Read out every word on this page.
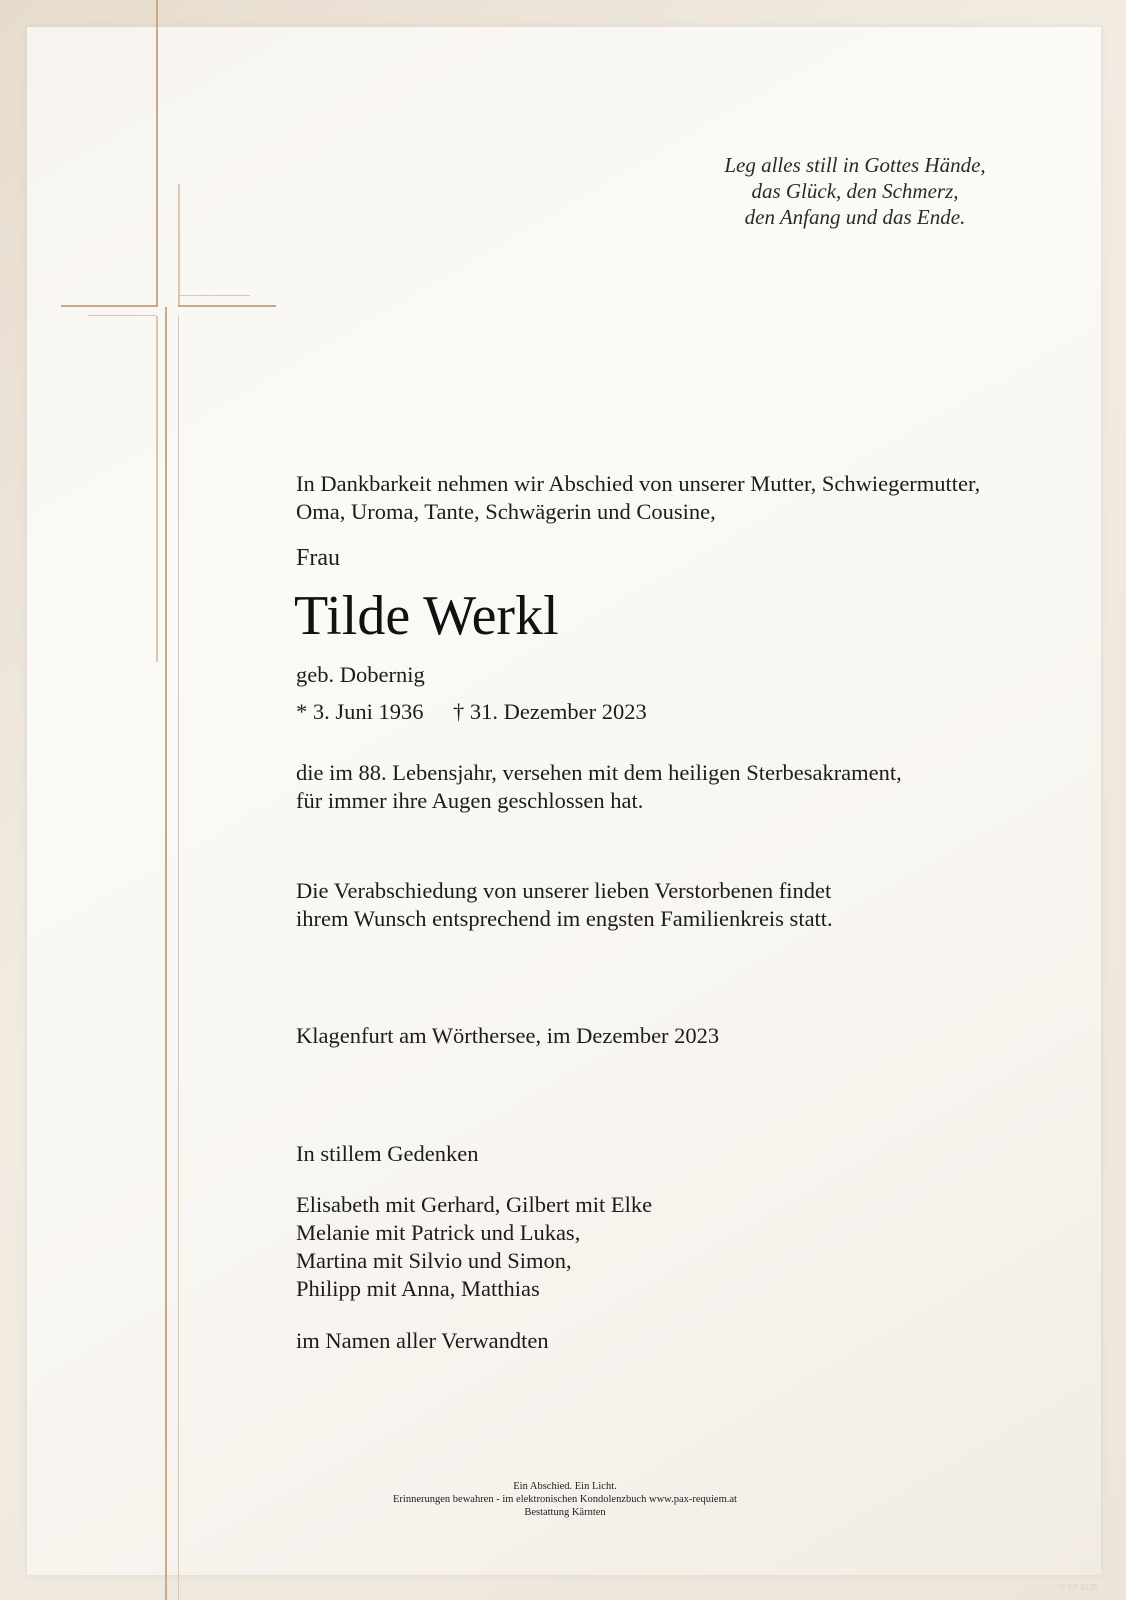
Leg alles still in Gottes Hände,
das Glück, den Schmerz,
den Anfang und das Ende.
In Dankbarkeit nehmen wir Abschied von unserer Mutter, Schwiegermutter,
Oma, Uroma, Tante, Schwägerin und Cousine,
Frau
Tilde Werkl
geb. Dobernig
* 3. Juni 1936 † 31. Dezember 2023
die im 88. Lebensjahr, versehen mit dem heiligen Sterbesakrament,
für immer ihre Augen geschlossen hat.
Die Verabschiedung von unserer lieben Verstorbenen findet
ihrem Wunsch entsprechend im engsten Familienkreis statt.
Klagenfurt am Wörthersee, im Dezember 2023
In stillem Gedenken
Elisabeth mit Gerhard, Gilbert mit Elke
Melanie mit Patrick und Lukas,
Martina mit Silvio und Simon,
Philipp mit Anna, Matthias
im Namen aller Verwandten
Ein Abschied. Ein Licht.
Erinnerungen bewahren - im elektronischen Kondolenzbuch www.pax-requiem.at
Bestattung Kärnten
© EP 9139
